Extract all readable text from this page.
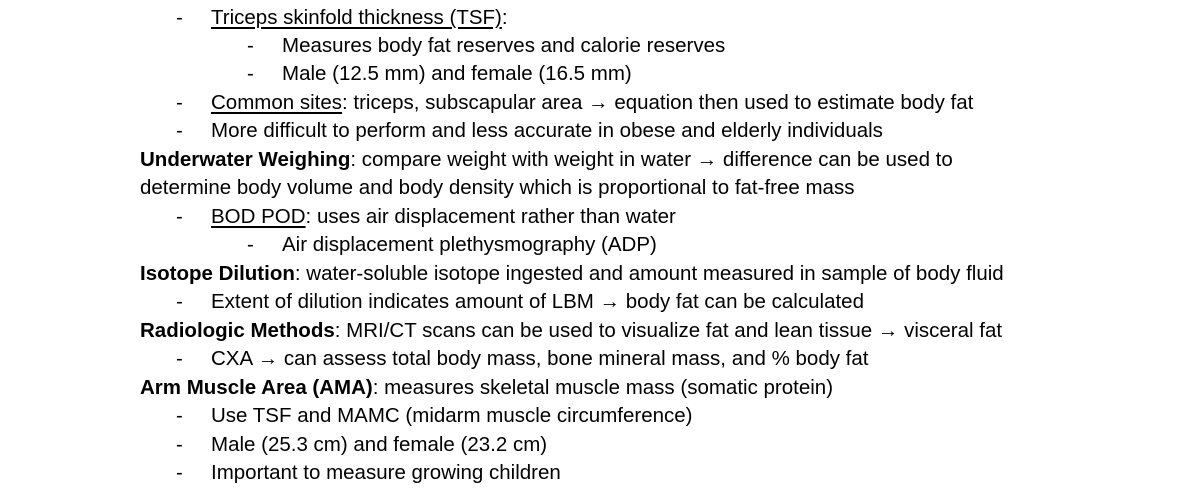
- Triceps skinfold thickness (TSF):
- Measures body fat reserves and calorie reserves
- Male (12.5 mm) and female (16.5 mm)
- Common sites: triceps, subscapular area → equation then used to estimate body fat
- More difficult to perform and less accurate in obese and elderly individuals
Underwater Weighing: compare weight with weight in water → difference can be used to
determine body volume and body density which is proportional to fat-free mass
- BOD POD: uses air displacement rather than water
- Air displacement plethysmography (ADP)
Isotope Dilution: water-soluble isotope ingested and amount measured in sample of body fluid
- Extent of dilution indicates amount of LBM → body fat can be calculated
Radiologic Methods: MRI/CT scans can be used to visualize fat and lean tissue → visceral fat
- CXA → can assess total body mass, bone mineral mass, and % body fat
Arm Muscle Area (AMA): measures skeletal muscle mass (somatic protein)
- Use TSF and MAMC (midarm muscle circumference)
- Male (25.3 cm) and female (23.2 cm)
- Important to measure growing children
